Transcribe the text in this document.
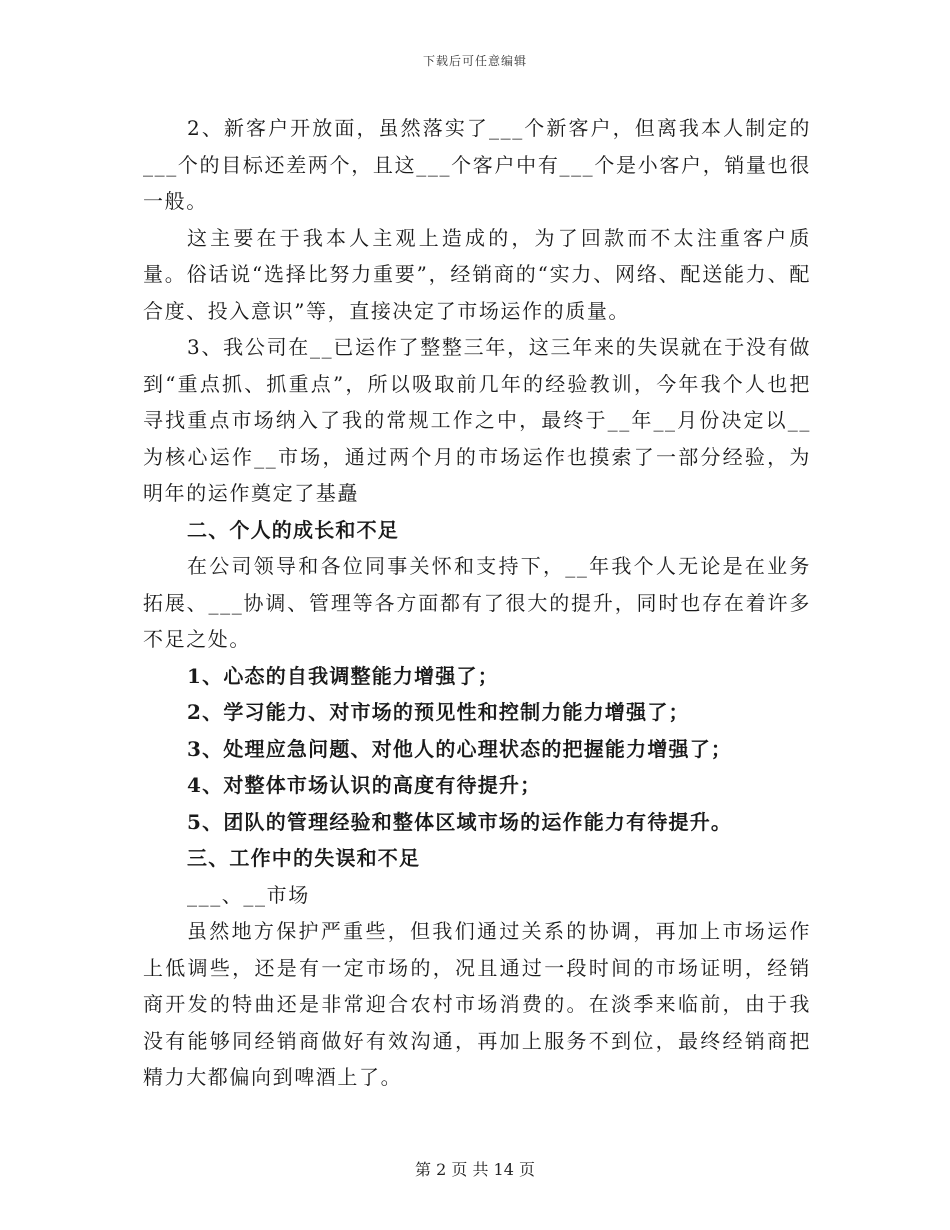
下载后可任意编辑

2、新客户开放面，虽然落实了___个新客户，但离我本人制定的___个的目标还差两个，且这___个客户中有___个是小客户，销量也很一般。

这主要在于我本人主观上造成的，为了回款而不太注重客户质量。俗话说“选择比努力重要”，经销商的“实力、网络、配送能力、配合度、投入意识”等，直接决定了市场运作的质量。

3、我公司在__已运作了整整三年，这三年来的失误就在于没有做到“重点抓、抓重点”，所以吸取前几年的经验教训，今年我个人也把寻找重点市场纳入了我的常规工作之中，最终于__年__月份决定以__为核心运作__市场，通过两个月的市场运作也摸索了一部分经验，为明年的运作奠定了基矗

二、个人的成长和不足

在公司领导和各位同事关怀和支持下，__年我个人无论是在业务拓展、___协调、管理等各方面都有了很大的提升，同时也存在着许多不足之处。

1、心态的自我调整能力增强了；

2、学习能力、对市场的预见性和控制力能力增强了；

3、处理应急问题、对他人的心理状态的把握能力增强了；

4、对整体市场认识的高度有待提升；

5、团队的管理经验和整体区域市场的运作能力有待提升。

三、工作中的失误和不足

___、__市场

虽然地方保护严重些，但我们通过关系的协调，再加上市场运作上低调些，还是有一定市场的，况且通过一段时间的市场证明，经销商开发的特曲还是非常迎合农村市场消费的。在淡季来临前，由于我没有能够同经销商做好有效沟通，再加上服务不到位，最终经销商把精力大都偏向到啤酒上了。

第 2 页 共 14 页
